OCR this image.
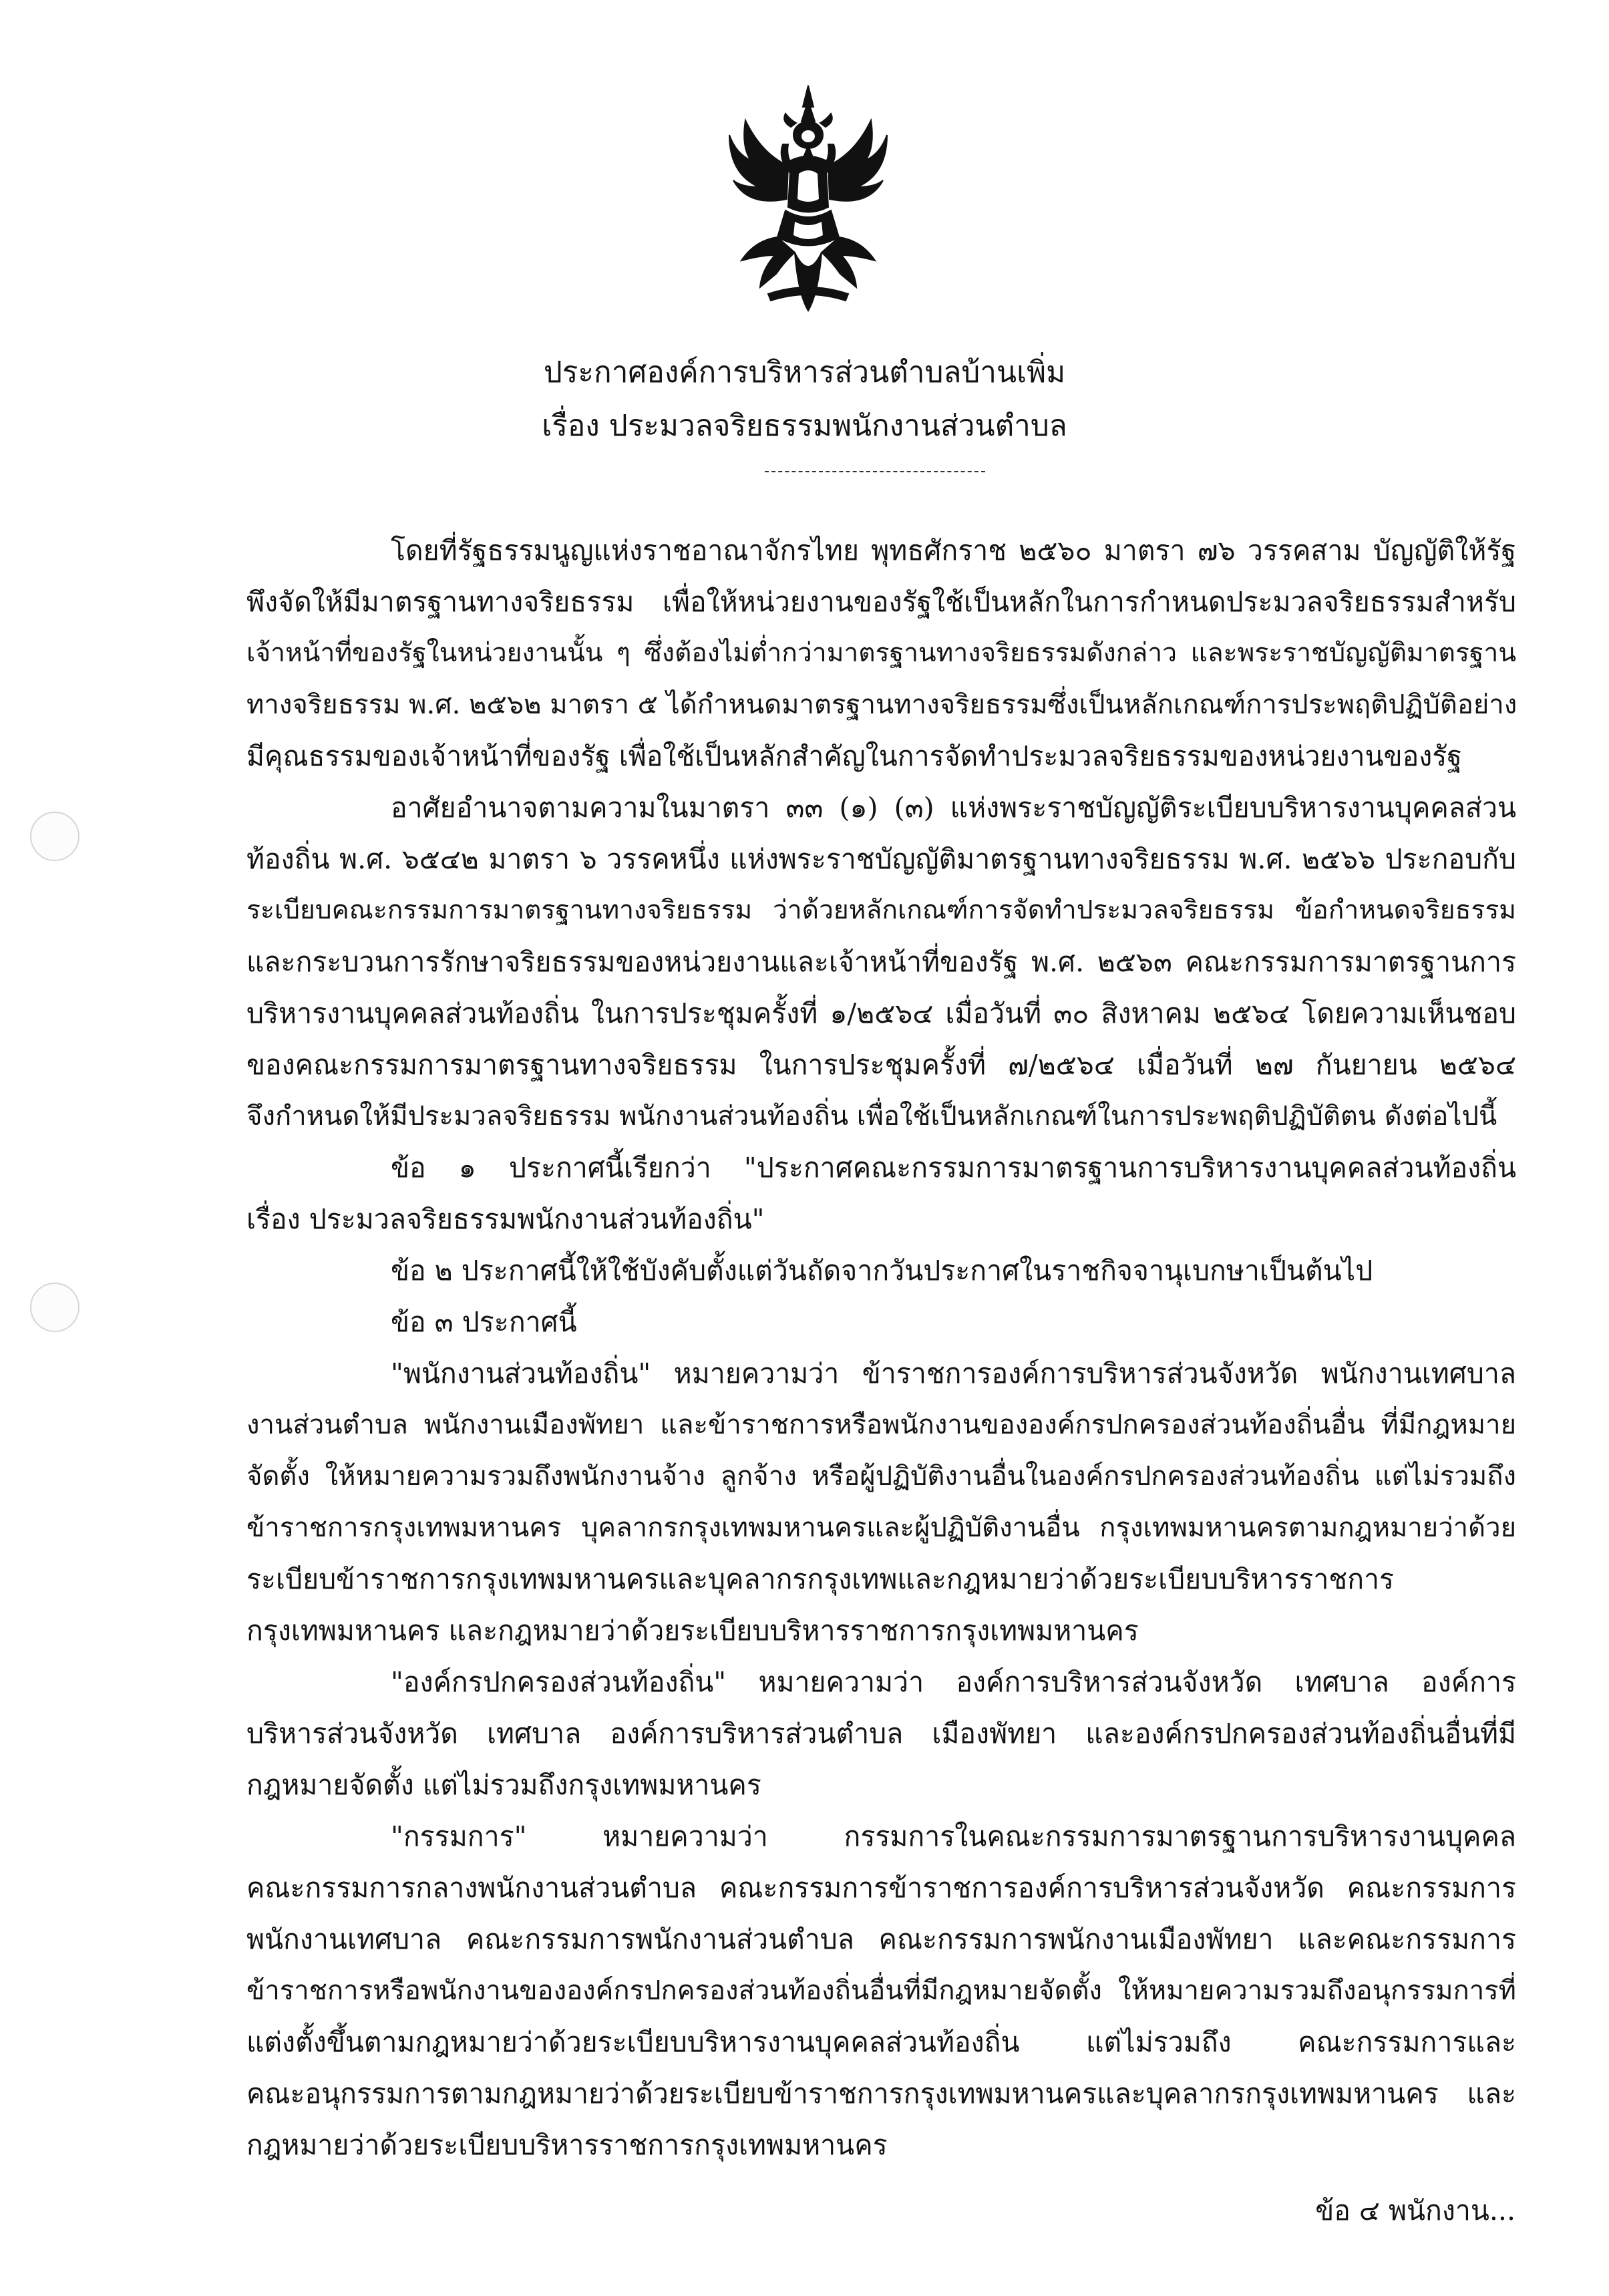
ประกาศองค์การบริหารส่วนตำบลบ้านเพิ่ม
เรื่อง ประมวลจริยธรรมพนักงานส่วนตำบล
โดยที่รัฐธรรมนูญแห่งราชอาณาจักรไทย พุทธศักราช ๒๕๖๐ มาตรา ๗๖ วรรคสาม บัญญัติให้รัฐ
พึงจัดให้มีมาตรฐานทางจริยธรรม เพื่อให้หน่วยงานของรัฐใช้เป็นหลักในการกำหนดประมวลจริยธรรมสำหรับ
เจ้าหน้าที่ของรัฐในหน่วยงานนั้น ๆ ซึ่งต้องไม่ต่ำกว่ามาตรฐานทางจริยธรรมดังกล่าว และพระราชบัญญัติมาตรฐาน
ทางจริยธรรม พ.ศ. ๒๕๖๒ มาตรา ๕ ได้กำหนดมาตรฐานทางจริยธรรมซึ่งเป็นหลักเกณฑ์การประพฤติปฏิบัติอย่าง
มีคุณธรรมของเจ้าหน้าที่ของรัฐ เพื่อใช้เป็นหลักสำคัญในการจัดทำประมวลจริยธรรมของหน่วยงานของรัฐ
อาศัยอำนาจตามความในมาตรา ๓๓ (๑) (๓) แห่งพระราชบัญญัติระเบียบบริหารงานบุคคลส่วน
ท้องถิ่น พ.ศ. ๖๕๔๒ มาตรา ๖ วรรคหนึ่ง แห่งพระราชบัญญัติมาตรฐานทางจริยธรรม พ.ศ. ๒๕๖๖ ประกอบกับ
ระเบียบคณะกรรมการมาตรฐานทางจริยธรรม ว่าด้วยหลักเกณฑ์การจัดทำประมวลจริยธรรม ข้อกำหนดจริยธรรม
และกระบวนการรักษาจริยธรรมของหน่วยงานและเจ้าหน้าที่ของรัฐ พ.ศ. ๒๕๖๓ คณะกรรมการมาตรฐานการ
บริหารงานบุคคลส่วนท้องถิ่น ในการประชุมครั้งที่ ๑/๒๕๖๔ เมื่อวันที่ ๓๐ สิงหาคม ๒๕๖๔ โดยความเห็นชอบ
ของคณะกรรมการมาตรฐานทางจริยธรรม ในการประชุมครั้งที่ ๗/๒๕๖๔ เมื่อวันที่ ๒๗ กันยายน ๒๕๖๔
จึงกำหนดให้มีประมวลจริยธรรม พนักงานส่วนท้องถิ่น เพื่อใช้เป็นหลักเกณฑ์ในการประพฤติปฏิบัติตน ดังต่อไปนี้
ข้อ ๑ ประกาศนี้เรียกว่า "ประกาศคณะกรรมการมาตรฐานการบริหารงานบุคคลส่วนท้องถิ่น
เรื่อง ประมวลจริยธรรมพนักงานส่วนท้องถิ่น"
ข้อ ๒ ประกาศนี้ให้ใช้บังคับตั้งแต่วันถัดจากวันประกาศในราชกิจจานุเบกษาเป็นต้นไป
ข้อ ๓ ประกาศนี้
"พนักงานส่วนท้องถิ่น" หมายความว่า ข้าราชการองค์การบริหารส่วนจังหวัด พนักงานเทศบาล
งานส่วนตำบล พนักงานเมืองพัทยา และข้าราชการหรือพนักงานขององค์กรปกครองส่วนท้องถิ่นอื่น ที่มีกฎหมาย
จัดตั้ง ให้หมายความรวมถึงพนักงานจ้าง ลูกจ้าง หรือผู้ปฏิบัติงานอื่นในองค์กรปกครองส่วนท้องถิ่น แต่ไม่รวมถึง
ข้าราชการกรุงเทพมหานคร บุคลากรกรุงเทพมหานครและผู้ปฏิบัติงานอื่น กรุงเทพมหานครตามกฎหมายว่าด้วย
ระเบียบข้าราชการกรุงเทพมหานครและบุคลากรกรุงเทพและกฎหมายว่าด้วยระเบียบบริหารราชการ
กรุงเทพมหานคร และกฎหมายว่าด้วยระเบียบบริหารราชการกรุงเทพมหานคร
"องค์กรปกครองส่วนท้องถิ่น" หมายความว่า องค์การบริหารส่วนจังหวัด เทศบาล องค์การ
บริหารส่วนจังหวัด เทศบาล องค์การบริหารส่วนตำบล เมืองพัทยา และองค์กรปกครองส่วนท้องถิ่นอื่นที่มี
กฎหมายจัดตั้ง แต่ไม่รวมถึงกรุงเทพมหานคร
"กรรมการ" หมายความว่า กรรมการในคณะกรรมการมาตรฐานการบริหารงานบุคคล
คณะกรรมการกลางพนักงานส่วนตำบล คณะกรรมการข้าราชการองค์การบริหารส่วนจังหวัด คณะกรรมการ
พนักงานเทศบาล คณะกรรมการพนักงานส่วนตำบล คณะกรรมการพนักงานเมืองพัทยา และคณะกรรมการ
ข้าราชการหรือพนักงานขององค์กรปกครองส่วนท้องถิ่นอื่นที่มีกฎหมายจัดตั้ง ให้หมายความรวมถึงอนุกรรมการที่
แต่งตั้งขึ้นตามกฎหมายว่าด้วยระเบียบบริหารงานบุคคลส่วนท้องถิ่น แต่ไม่รวมถึง คณะกรรมการและ
คณะอนุกรรมการตามกฎหมายว่าด้วยระเบียบข้าราชการกรุงเทพมหานครและบุคลากรกรุงเทพมหานคร และ
กฎหมายว่าด้วยระเบียบบริหารราชการกรุงเทพมหานคร
ข้อ ๔ พนักงาน...
